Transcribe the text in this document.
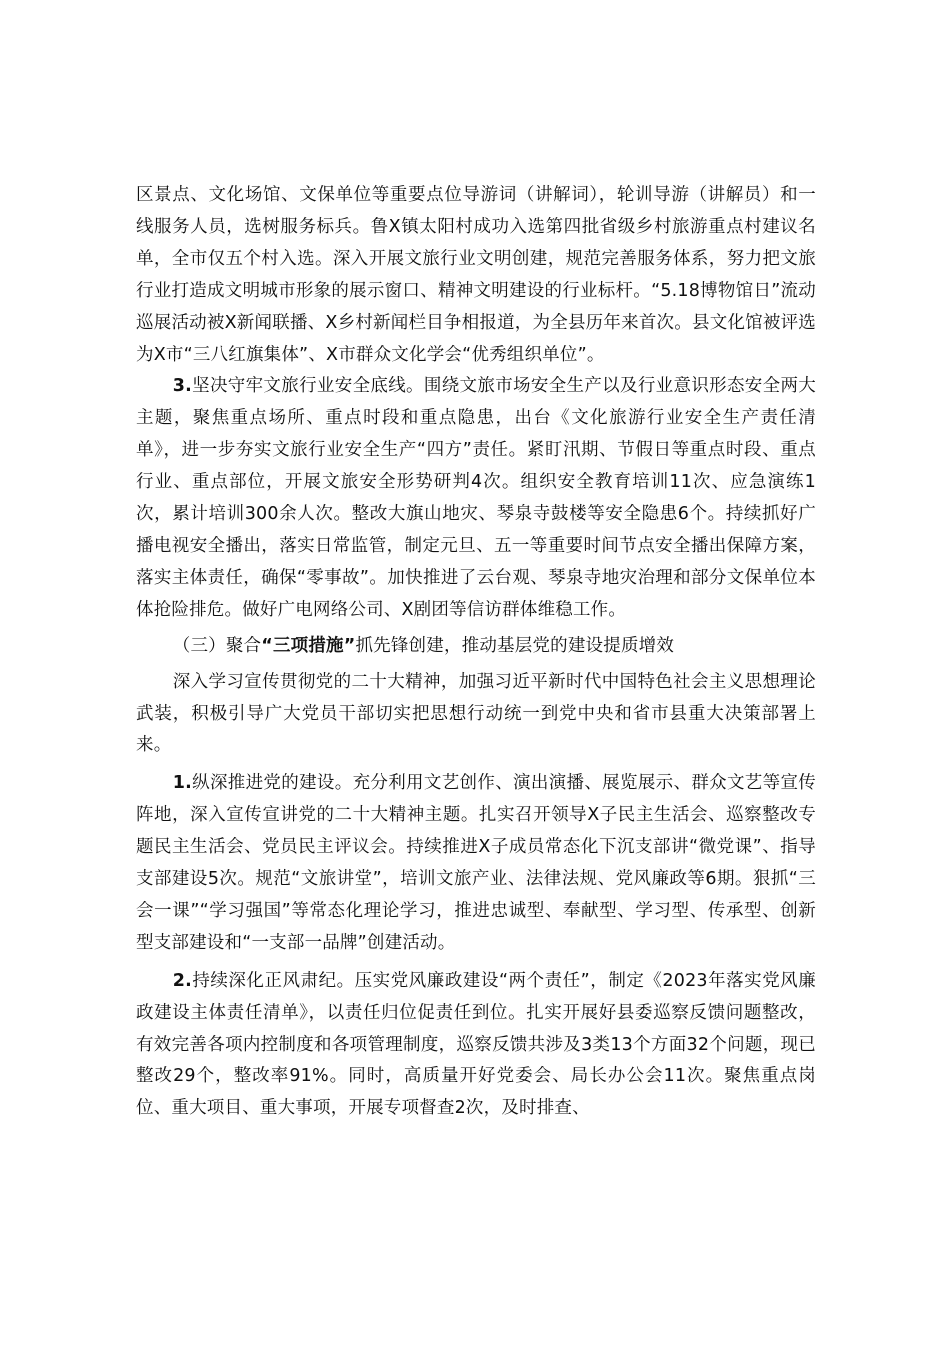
区景点、文化场馆、文保单位等重要点位导游词（讲解词），轮训导游（讲解员）和一线服务人员，选树服务标兵。鲁X镇太阳村成功入选第四批省级乡村旅游重点村建议名单，全市仅五个村入选。深入开展文旅行业文明创建，规范完善服务体系，努力把文旅行业打造成文明城市形象的展示窗口、精神文明建设的行业标杆。“5.18博物馆日”流动巡展活动被X新闻联播、X乡村新闻栏目争相报道，为全县历年来首次。县文化馆被评选为X市“三八红旗集体”、X市群众文化学会“优秀组织单位”。

3.坚决守牢文旅行业安全底线。围绕文旅市场安全生产以及行业意识形态安全两大主题，聚焦重点场所、重点时段和重点隐患，出台《文化旅游行业安全生产责任清单》，进一步夯实文旅行业安全生产“四方”责任。紧盯汛期、节假日等重点时段、重点行业、重点部位，开展文旅安全形势研判4次。组织安全教育培训11次、应急演练1次，累计培训300余人次。整改大旗山地灾、琴泉寺鼓楼等安全隐患6个。持续抓好广播电视安全播出，落实日常监管，制定元旦、五一等重要时间节点安全播出保障方案，落实主体责任，确保“零事故”。加快推进了云台观、琴泉寺地灾治理和部分文保单位本体抢险排危。做好广电网络公司、X剧团等信访群体维稳工作。

（三）聚合“三项措施”抓先锋创建，推动基层党的建设提质增效

深入学习宣传贯彻党的二十大精神，加强习近平新时代中国特色社会主义思想理论武装，积极引导广大党员干部切实把思想行动统一到党中央和省市县重大决策部署上来。

1.纵深推进党的建设。充分利用文艺创作、演出演播、展览展示、群众文艺等宣传阵地，深入宣传宣讲党的二十大精神主题。扎实召开领导X子民主生活会、巡察整改专题民主生活会、党员民主评议会。持续推进X子成员常态化下沉支部讲“微党课”、指导支部建设5次。规范“文旅讲堂”，培训文旅产业、法律法规、党风廉政等6期。狠抓“三会一课”“学习强国”等常态化理论学习，推进忠诚型、奉献型、学习型、传承型、创新型支部建设和“一支部一品牌”创建活动。

2.持续深化正风肃纪。压实党风廉政建设“两个责任”，制定《2023年落实党风廉政建设主体责任清单》，以责任归位促责任到位。扎实开展好县委巡察反馈问题整改，有效完善各项内控制度和各项管理制度，巡察反馈共涉及3类13个方面32个问题，现已整改29个，整改率91%。同时，高质量开好党委会、局长办公会11次。聚焦重点岗位、重大项目、重大事项，开展专项督查2次，及时排查、
